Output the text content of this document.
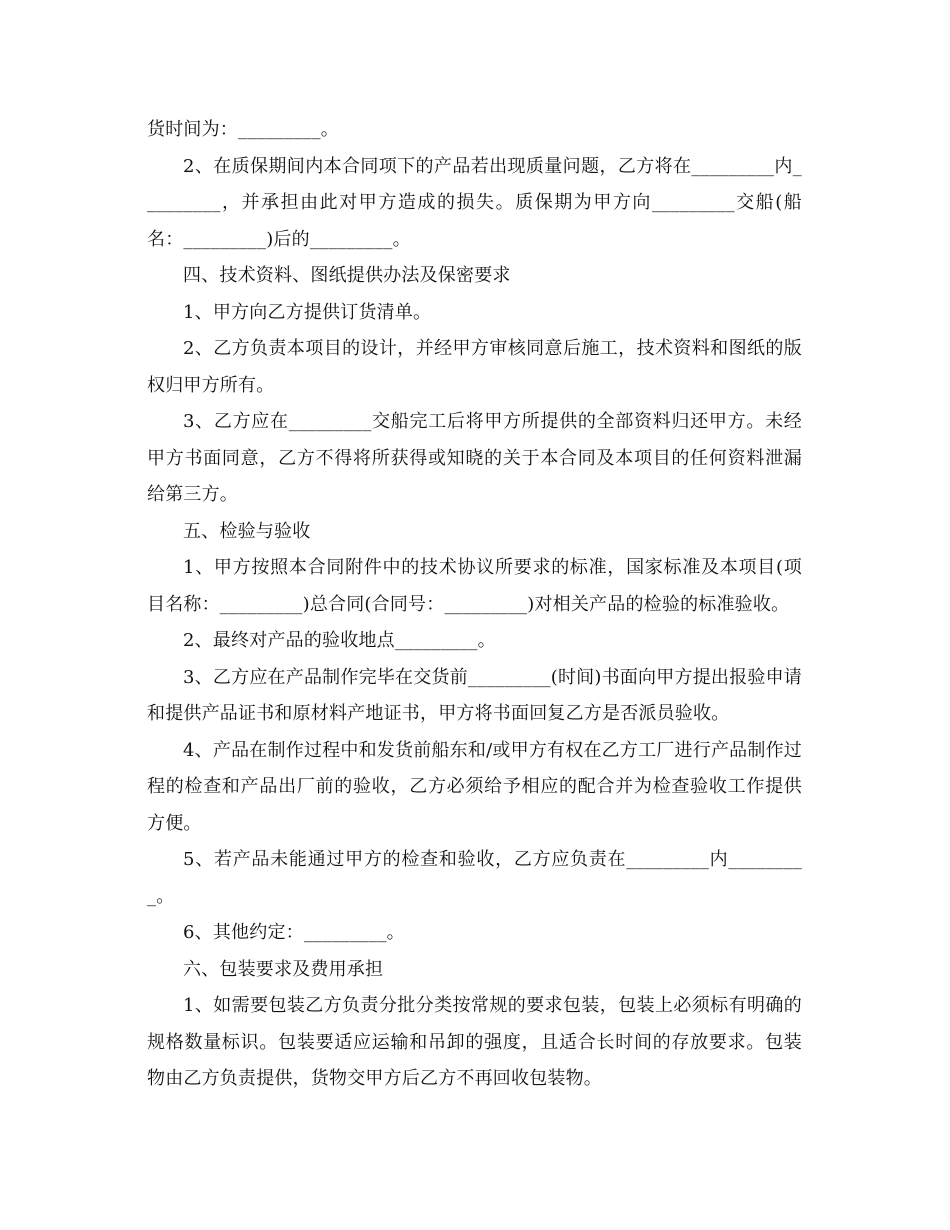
货时间为：_________。

2、在质保期间内本合同项下的产品若出现质量问题，乙方将在_________内_________，并承担由此对甲方造成的损失。质保期为甲方向_________交船(船名：_________)后的_________。

四、技术资料、图纸提供办法及保密要求

1、甲方向乙方提供订货清单。

2、乙方负责本项目的设计，并经甲方审核同意后施工，技术资料和图纸的版权归甲方所有。

3、乙方应在_________交船完工后将甲方所提供的全部资料归还甲方。未经甲方书面同意，乙方不得将所获得或知晓的关于本合同及本项目的任何资料泄漏给第三方。

五、检验与验收

1、甲方按照本合同附件中的技术协议所要求的标准，国家标准及本项目(项目名称：_________)总合同(合同号：_________)对相关产品的检验的标准验收。

2、最终对产品的验收地点_________。

3、乙方应在产品制作完毕在交货前_________(时间)书面向甲方提出报验申请和提供产品证书和原材料产地证书，甲方将书面回复乙方是否派员验收。

4、产品在制作过程中和发货前船东和/或甲方有权在乙方工厂进行产品制作过程的检查和产品出厂前的验收，乙方必须给予相应的配合并为检查验收工作提供方便。

5、若产品未能通过甲方的检查和验收，乙方应负责在_________内_________。

6、其他约定：_________。

六、包装要求及费用承担

1、如需要包装乙方负责分批分类按常规的要求包装，包装上必须标有明确的规格数量标识。包装要适应运输和吊卸的强度，且适合长时间的存放要求。包装物由乙方负责提供，货物交甲方后乙方不再回收包装物。
